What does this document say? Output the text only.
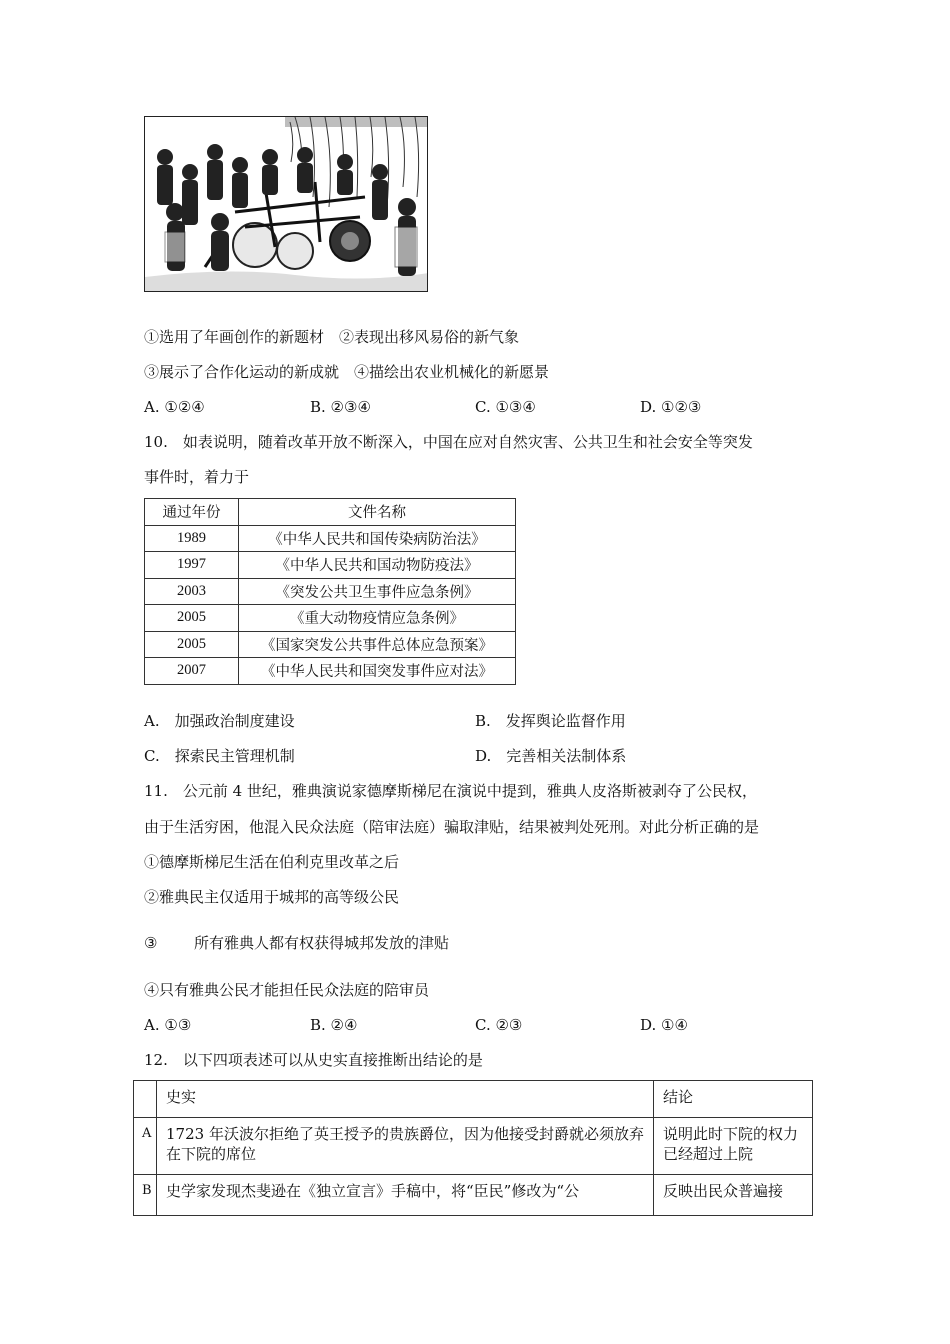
①选用了年画创作的新题材　②表现出移风易俗的新气象
③展示了合作化运动的新成就　④描绘出农业机械化的新愿景
A. ①②④	B. ②③④	C. ①③④	D. ①②③
10.　如表说明，随着改革开放不断深入，中国在应对自然灾害、公共卫生和社会安全等突发
事件时，着力于
通过年份	文件名称
1989	《中华人民共和国传染病防治法》
1997	《中华人民共和国动物防疫法》
2003	《突发公共卫生事件应急条例》
2005	《重大动物疫情应急条例》
2005	《国家突发公共事件总体应急预案》
2007	《中华人民共和国突发事件应对法》
A.　加强政治制度建设	B.　发挥舆论监督作用
C.　探索民主管理机制	D.　完善相关法制体系
11.　公元前 4 世纪，雅典演说家德摩斯梯尼在演说中提到，雅典人皮洛斯被剥夺了公民权，
由于生活穷困，他混入民众法庭（陪审法庭）骗取津贴，结果被判处死刑。对此分析正确的是
①德摩斯梯尼生活在伯利克里改革之后
②雅典民主仅适用于城邦的高等级公民
③ 所有雅典人都有权获得城邦发放的津贴
④只有雅典公民才能担任民众法庭的陪审员
A. ①③	B. ②④	C. ②③	D. ①④
12.　以下四项表述可以从史实直接推断出结论的是
	史实	结论
A	1723 年沃波尔拒绝了英王授予的贵族爵位，因为他接受封爵就必须放弃在下院的席位	说明此时下院的权力已经超过上院
B	史学家发现杰斐逊在《独立宣言》手稿中，将“臣民”修改为“公	反映出民众普遍接
